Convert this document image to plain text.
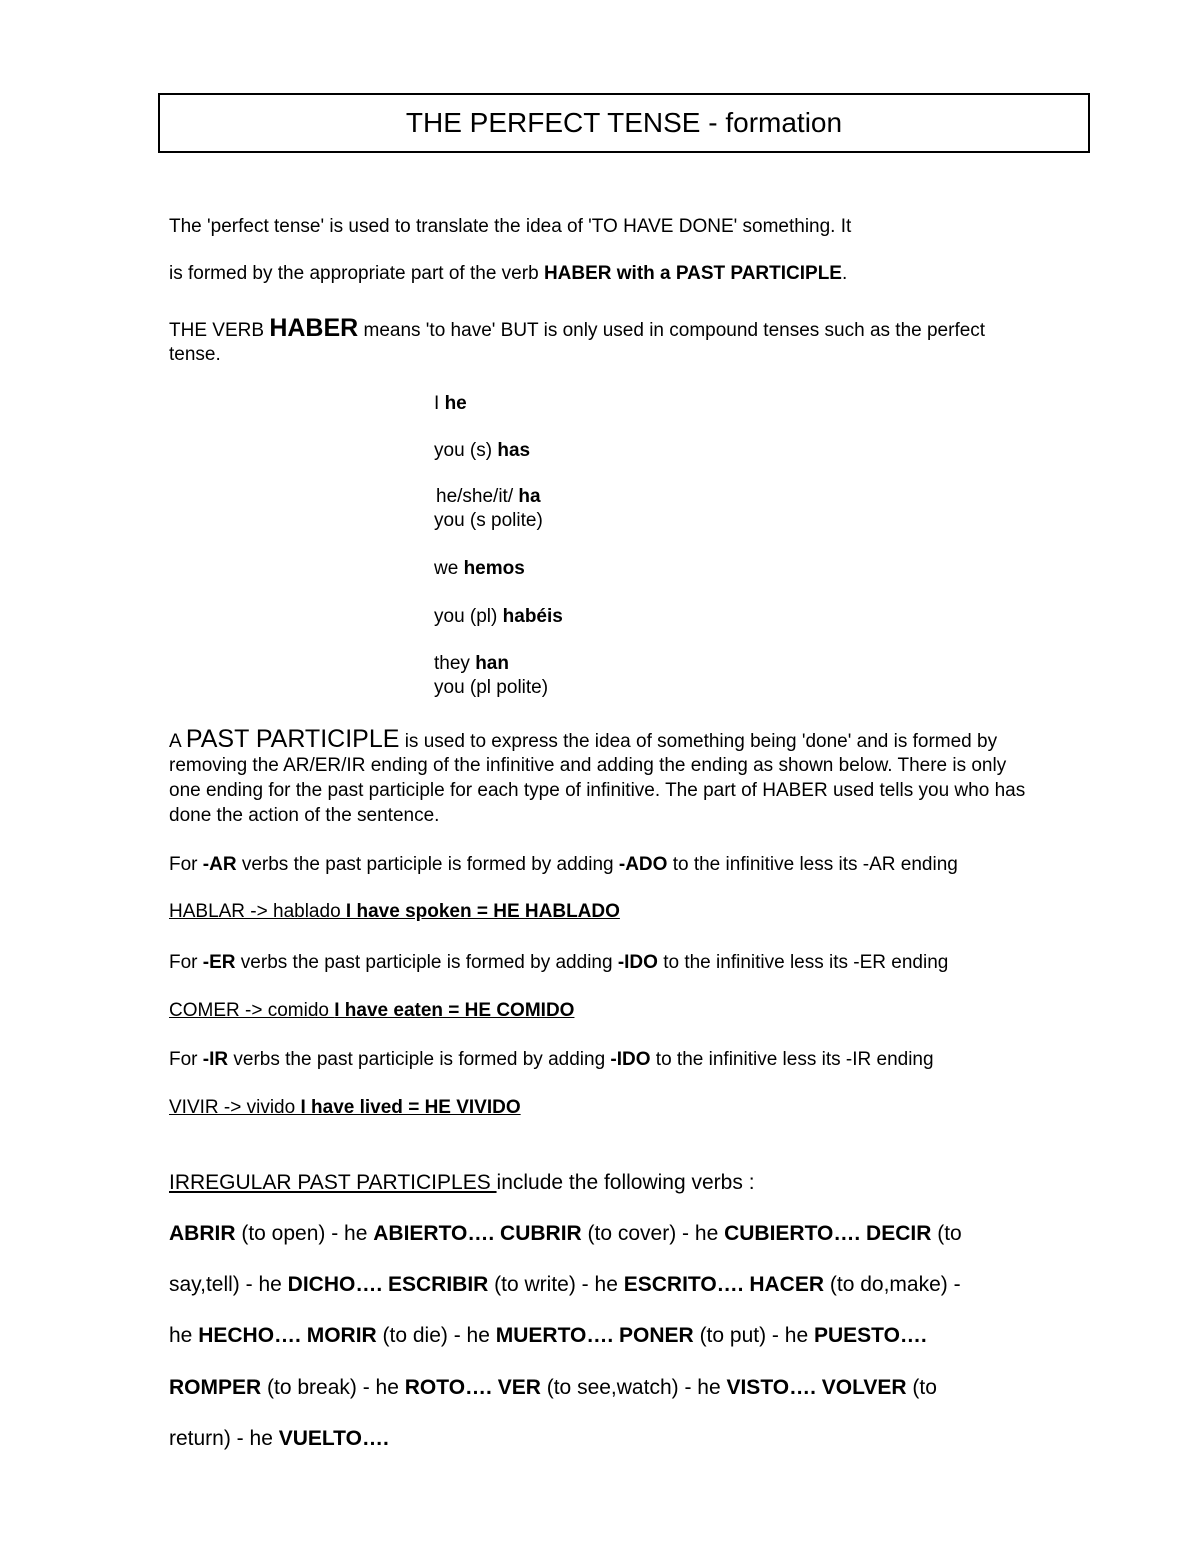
THE PERFECT TENSE - formation
The 'perfect tense' is used to translate the idea of 'TO HAVE DONE' something. It
is formed by the appropriate part of the verb HABER with a PAST PARTICIPLE.
THE VERB HABER means 'to have' BUT is only used in compound tenses such as the perfect
tense.
I he
you (s) has
he/she/it/ ha
you (s polite)
we hemos
you (pl) habéis
they han
you (pl polite)
A PAST PARTICIPLE is used to express the idea of something being 'done' and is formed by
removing the AR/ER/IR ending of the infinitive and adding the ending as shown below. There is only
one ending for the past participle for each type of infinitive. The part of HABER used tells you who has
done the action of the sentence.
For -AR verbs the past participle is formed by adding -ADO to the infinitive less its -AR ending
HABLAR -> hablado I have spoken = HE HABLADO
For -ER verbs the past participle is formed by adding -IDO to the infinitive less its -ER ending
COMER -> comido I have eaten = HE COMIDO
For -IR verbs the past participle is formed by adding -IDO to the infinitive less its -IR ending
VIVIR -> vivido I have lived = HE VIVIDO
IRREGULAR PAST PARTICIPLES include the following verbs :
ABRIR (to open) - he ABIERTO…. CUBRIR (to cover) - he CUBIERTO…. DECIR (to
say,tell) - he DICHO…. ESCRIBIR (to write) - he ESCRITO…. HACER (to do,make) -
he HECHO…. MORIR (to die) - he MUERTO…. PONER (to put) - he PUESTO….
ROMPER (to break) - he ROTO…. VER (to see,watch) - he VISTO…. VOLVER (to
return) - he VUELTO….
